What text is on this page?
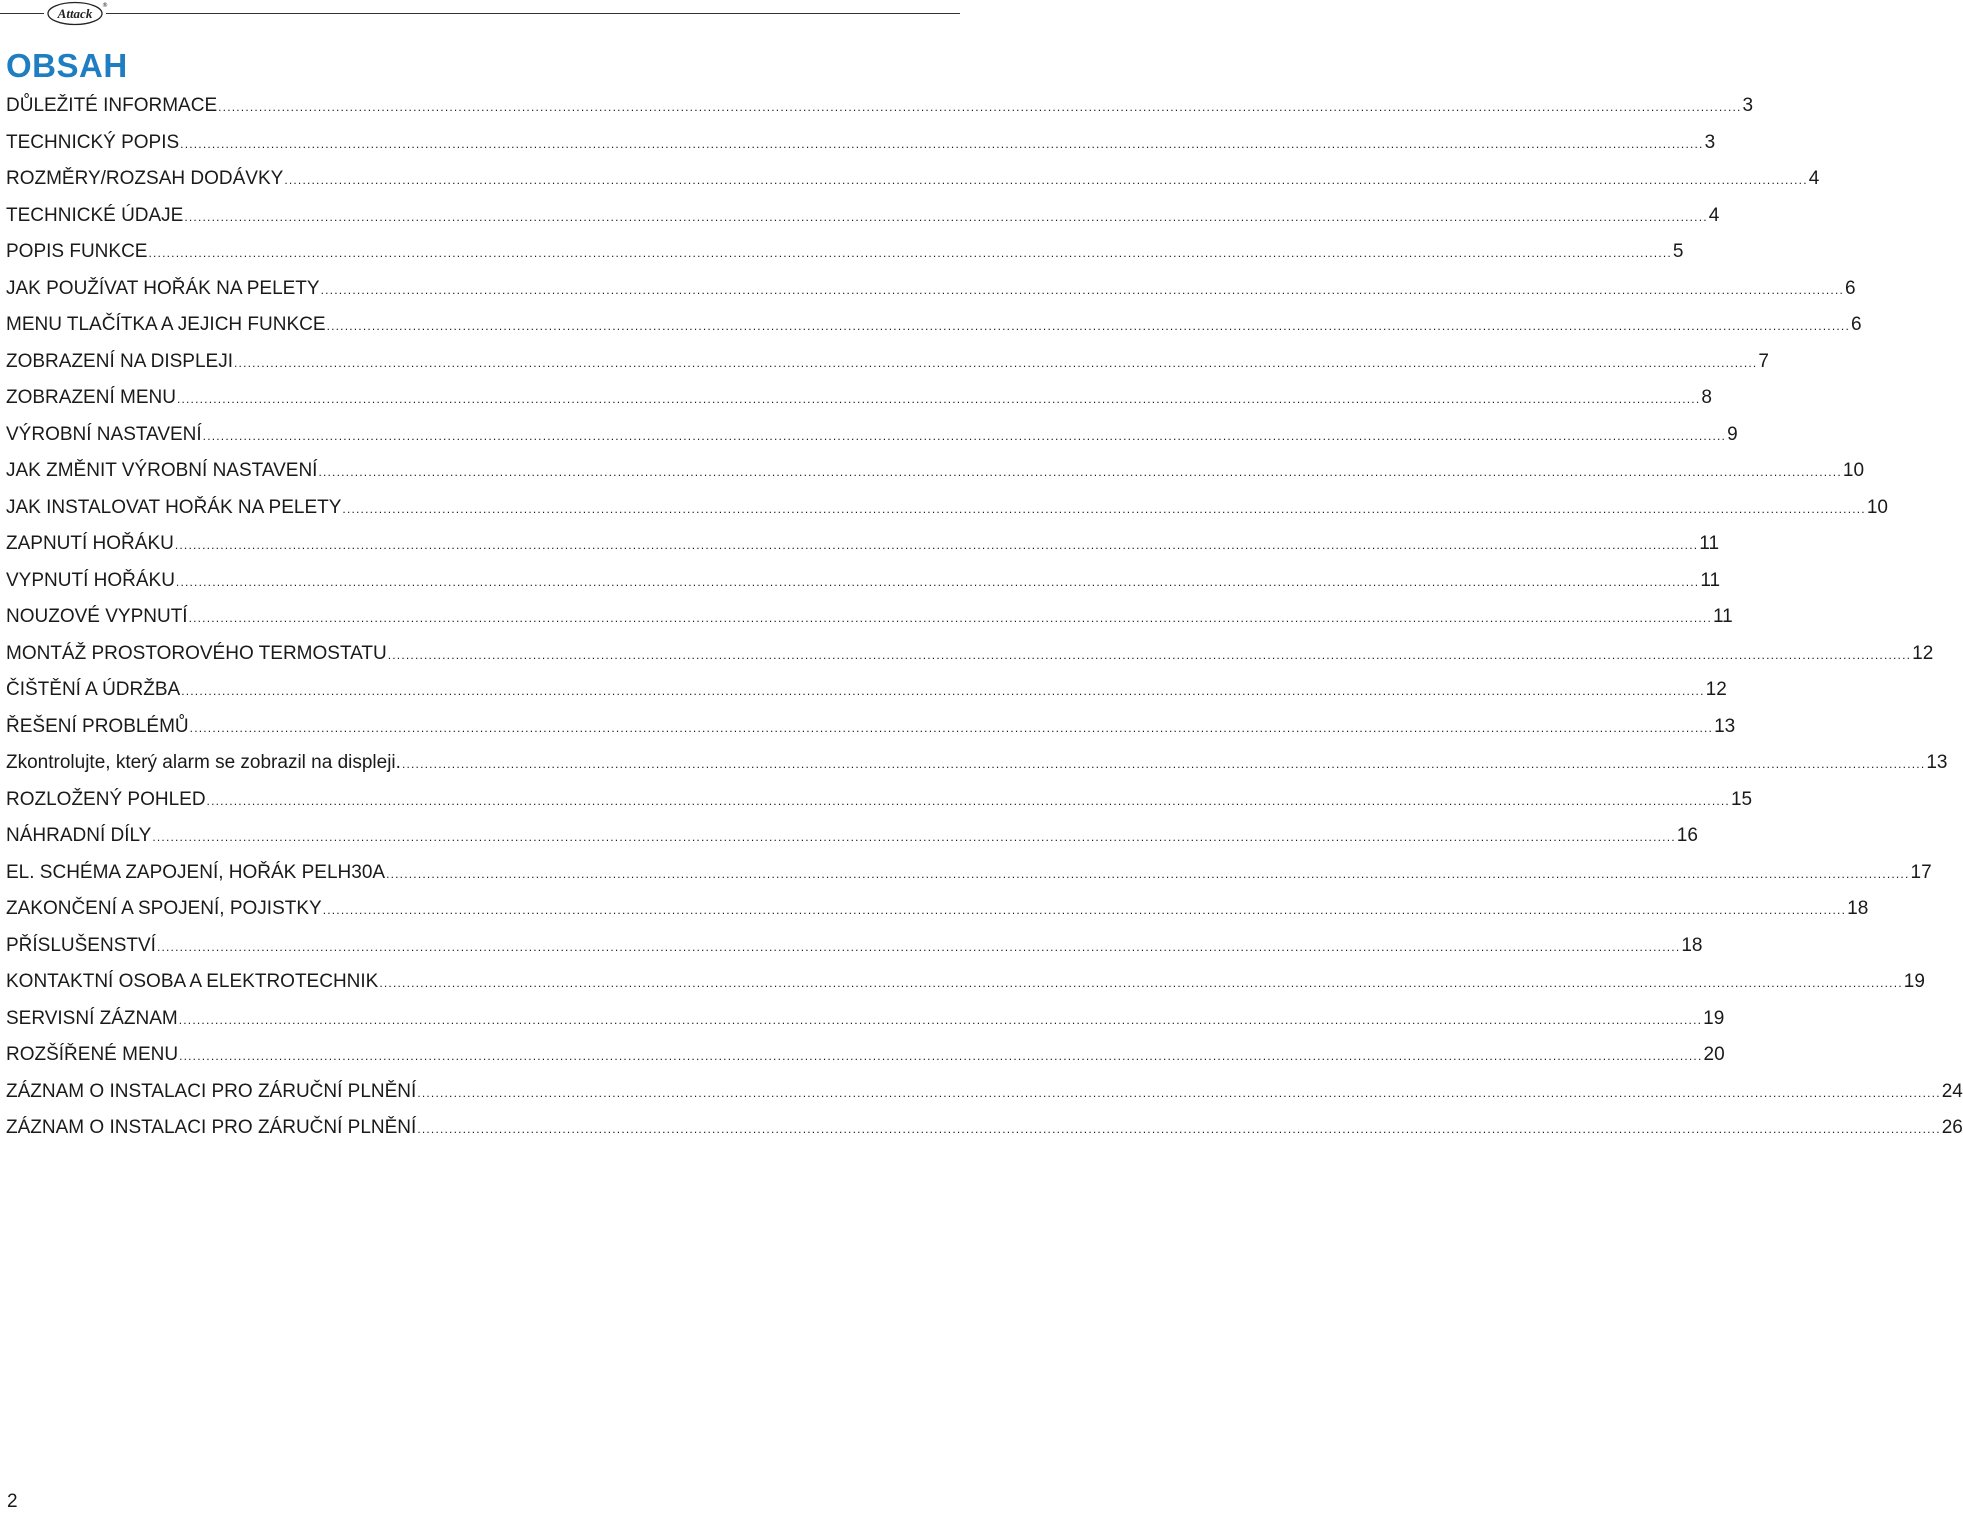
Attack
®
OBSAH
DŮLEŽITÉ INFORMACE .....	3
TECHNICKÝ POPIS .....	3
ROZMĚRY/ROZSAH DODÁVKY .....	4
TECHNICKÉ ÚDAJE .....	4
POPIS FUNKCE .....	5
JAK POUŽÍVAT HOŘÁK NA PELETY .....	6
MENU TLAČÍTKA A JEJICH FUNKCE .....	6
ZOBRAZENÍ NA DISPLEJI .....	7
ZOBRAZENÍ MENU .....	8
VÝROBNÍ NASTAVENÍ .....	9
JAK ZMĚNIT VÝROBNÍ NASTAVENÍ .....	10
JAK INSTALOVAT HOŘÁK NA PELETY .....	10
ZAPNUTÍ HOŘÁKU .....	11
VYPNUTÍ HOŘÁKU .....	11
NOUZOVÉ VYPNUTÍ .....	11
MONTÁŽ PROSTOROVÉHO TERMOSTATU .....	12
ČIŠTĚNÍ A ÚDRŽBA .....	12
ŘEŠENÍ PROBLÉMŮ .....	13
Zkontrolujte, který alarm se zobrazil na displeji. .....	13
ROZLOŽENÝ POHLED .....	15
NÁHRADNÍ DÍLY .....	16
EL. SCHÉMA ZAPOJENÍ, HOŘÁK PELH30A .....	17
ZAKONČENÍ A SPOJENÍ, POJISTKY .....	18
PŘÍSLUŠENSTVÍ .....	18
KONTAKTNÍ OSOBA A ELEKTROTECHNIK .....	19
SERVISNÍ ZÁZNAM .....	19
ROZŠÍŘENÉ MENU .....	20
ZÁZNAM O INSTALACI PRO ZÁRUČNÍ PLNĚNÍ .....	24
ZÁZNAM O INSTALACI PRO ZÁRUČNÍ PLNĚNÍ .....	26
2
